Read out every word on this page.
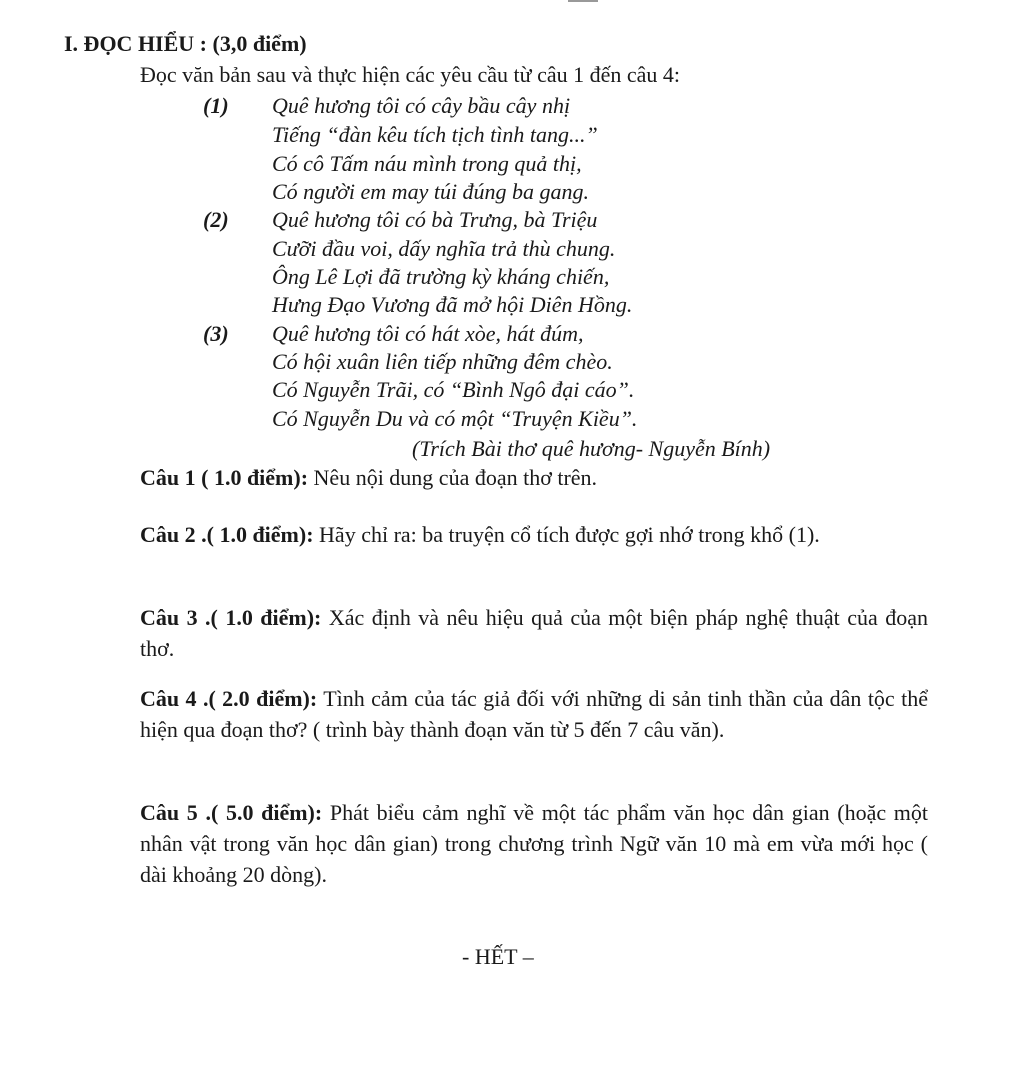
I. ĐỌC HIỂU : (3,0 điểm)
Đọc văn bản sau và thực hiện các yêu cầu từ câu 1 đến câu 4:
(1) Quê hương tôi có cây bầu cây nhị
Tiếng “đàn kêu tích tịch tình tang...”
Có cô Tấm náu mình trong quả thị,
Có người em may túi đúng ba gang.
(2) Quê hương tôi có bà Trưng, bà Triệu
Cưỡi đầu voi, dấy nghĩa trả thù chung.
Ông Lê Lợi đã trường kỳ kháng chiến,
Hưng Đạo Vương đã mở hội Diên Hồng.
(3) Quê hương tôi có hát xòe, hát đúm,
Có hội xuân liên tiếp những đêm chèo.
Có Nguyễn Trãi, có “Bình Ngô đại cáo”.
Có Nguyễn Du và có một “Truyện Kiều”.
(Trích Bài thơ quê hương- Nguyễn Bính)
Câu 1 ( 1.0 điểm): Nêu nội dung của đoạn thơ trên.
Câu 2 .( 1.0 điểm): Hãy chỉ ra: ba truyện cổ tích được gợi nhớ trong khổ (1).
Câu 3 .( 1.0 điểm): Xác định và nêu hiệu quả của một biện pháp nghệ thuật của đoạn thơ.
Câu 4 .( 2.0 điểm): Tình cảm của tác giả đối với những di sản tinh thần của dân tộc thể hiện qua đoạn thơ? ( trình bày thành đoạn văn từ 5 đến 7 câu văn).
Câu 5 .( 5.0 điểm): Phát biểu cảm nghĩ về một tác phẩm văn học dân gian (hoặc một nhân vật trong văn học dân gian) trong chương trình Ngữ văn 10 mà em vừa mới học ( dài khoảng 20 dòng).
- HẾT –
